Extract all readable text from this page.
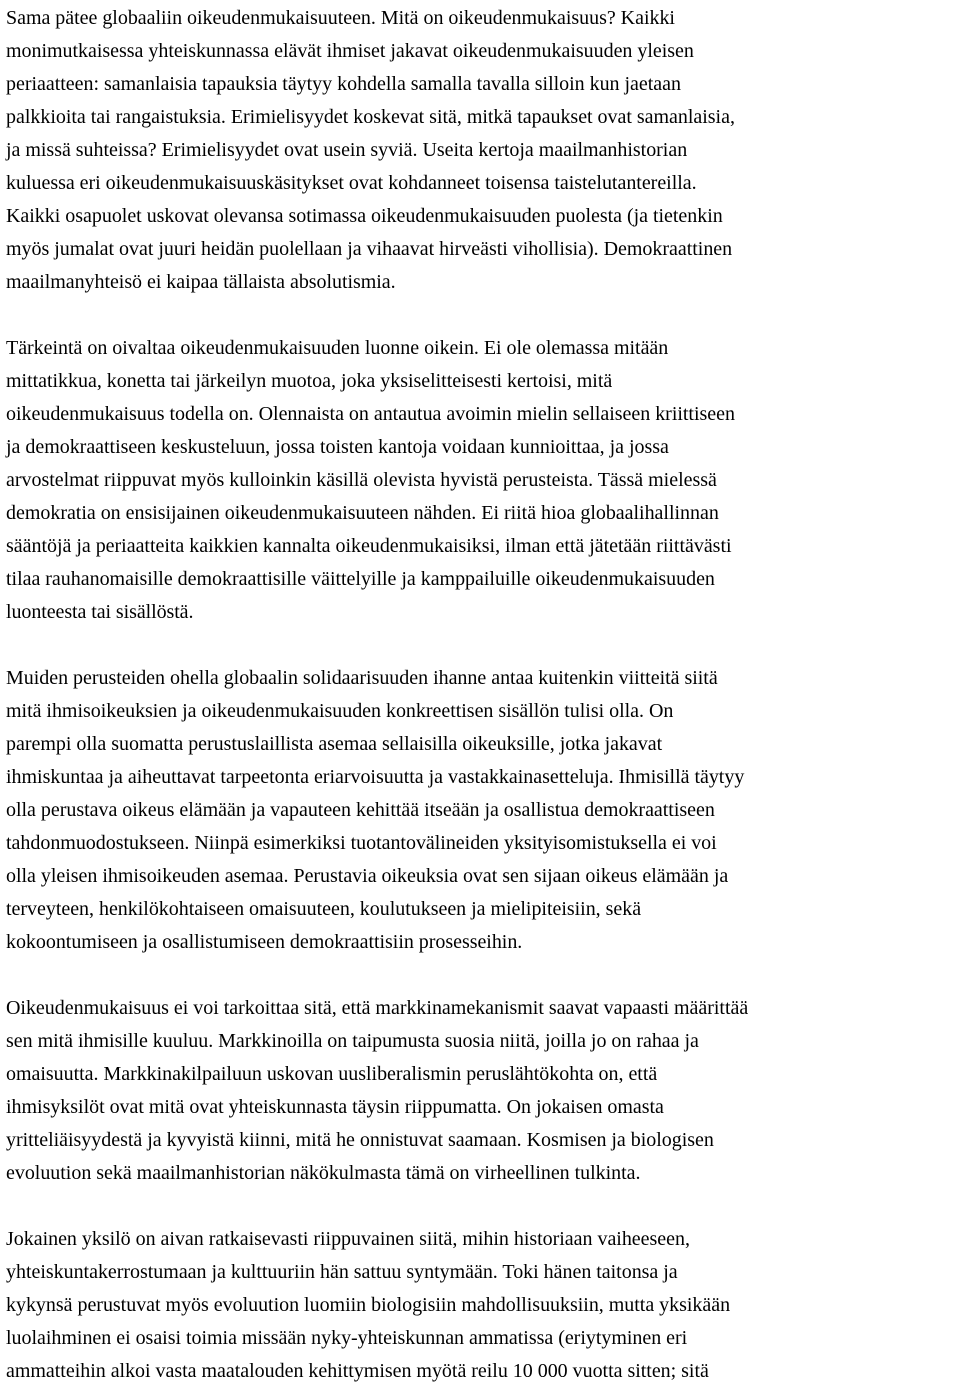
Sama pätee globaaliin oikeudenmukaisuuteen. Mitä on oikeudenmukaisuus? Kaikki
monimutkaisessa yhteiskunnassa elävät ihmiset jakavat oikeudenmukaisuuden yleisen
periaatteen: samanlaisia tapauksia täytyy kohdella samalla tavalla silloin kun jaetaan
palkkioita tai rangaistuksia. Erimielisyydet koskevat sitä, mitkä tapaukset ovat samanlaisia,
ja missä suhteissa? Erimielisyydet ovat usein syviä. Useita kertoja maailmanhistorian
kuluessa eri oikeudenmukaisuuskäsitykset ovat kohdanneet toisensa taistelutantereilla.
Kaikki osapuolet uskovat olevansa sotimassa oikeudenmukaisuuden puolesta (ja tietenkin
myös jumalat ovat juuri heidän puolellaan ja vihaavat hirveästi vihollisia). Demokraattinen
maailmanyhteisö ei kaipaa tällaista absolutismia.

Tärkeintä on oivaltaa oikeudenmukaisuuden luonne oikein. Ei ole olemassa mitään
mittatikkua, konetta tai järkeilyn muotoa, joka yksiselitteisesti kertoisi, mitä
oikeudenmukaisuus todella on. Olennaista on antautua avoimin mielin sellaiseen kriittiseen
ja demokraattiseen keskusteluun, jossa toisten kantoja voidaan kunnioittaa, ja jossa
arvostelmat riippuvat myös kulloinkin käsillä olevista hyvistä perusteista. Tässä mielessä
demokratia on ensisijainen oikeudenmukaisuuteen nähden. Ei riitä hioa globaalihallinnan
sääntöjä ja periaatteita kaikkien kannalta oikeudenmukaisiksi, ilman että jätetään riittävästi
tilaa rauhanomaisille demokraattisille väittelyille ja kamppailuille oikeudenmukaisuuden
luonteesta tai sisällöstä.

Muiden perusteiden ohella globaalin solidaarisuuden ihanne antaa kuitenkin viitteitä siitä
mitä ihmisoikeuksien ja oikeudenmukaisuuden konkreettisen sisällön tulisi olla. On
parempi olla suomatta perustuslaillista asemaa sellaisilla oikeuksille, jotka jakavat
ihmiskuntaa ja aiheuttavat tarpeetonta eriarvoisuutta ja vastakkainasetteluja. Ihmisillä täytyy
olla perustava oikeus elämään ja vapauteen kehittää itseään ja osallistua demokraattiseen
tahdonmuodostukseen. Niinpä esimerkiksi tuotantovälineiden yksityisomistuksella ei voi
olla yleisen ihmisoikeuden asemaa. Perustavia oikeuksia ovat sen sijaan oikeus elämään ja
terveyteen, henkilökohtaiseen omaisuuteen, koulutukseen ja mielipiteisiin, sekä
kokoontumiseen ja osallistumiseen demokraattisiin prosesseihin.

Oikeudenmukaisuus ei voi tarkoittaa sitä, että markkinamekanismit saavat vapaasti määrittää
sen mitä ihmisille kuuluu. Markkinoilla on taipumusta suosia niitä, joilla jo on rahaa ja
omaisuutta. Markkinakilpailuun uskovan uusliberalismin peruslähtökohta on, että
ihmisyksilöt ovat mitä ovat yhteiskunnasta täysin riippumatta. On jokaisen omasta
yritteliäisyydestä ja kyvyistä kiinni, mitä he onnistuvat saamaan. Kosmisen ja biologisen
evoluution sekä maailmanhistorian näkökulmasta tämä on virheellinen tulkinta.

Jokainen yksilö on aivan ratkaisevasti riippuvainen siitä, mihin historiaan vaiheeseen,
yhteiskuntakerrostumaan ja kulttuuriin hän sattuu syntymään. Toki hänen taitonsa ja
kykynsä perustuvat myös evoluution luomiin biologisiin mahdollisuuksiin, mutta yksikään
luolaihminen ei osaisi toimia missään nyky-yhteiskunnan ammatissa (eriytyminen eri
ammatteihin alkoi vasta maatalouden kehittymisen myötä reilu 10 000 vuotta sitten; sitä
